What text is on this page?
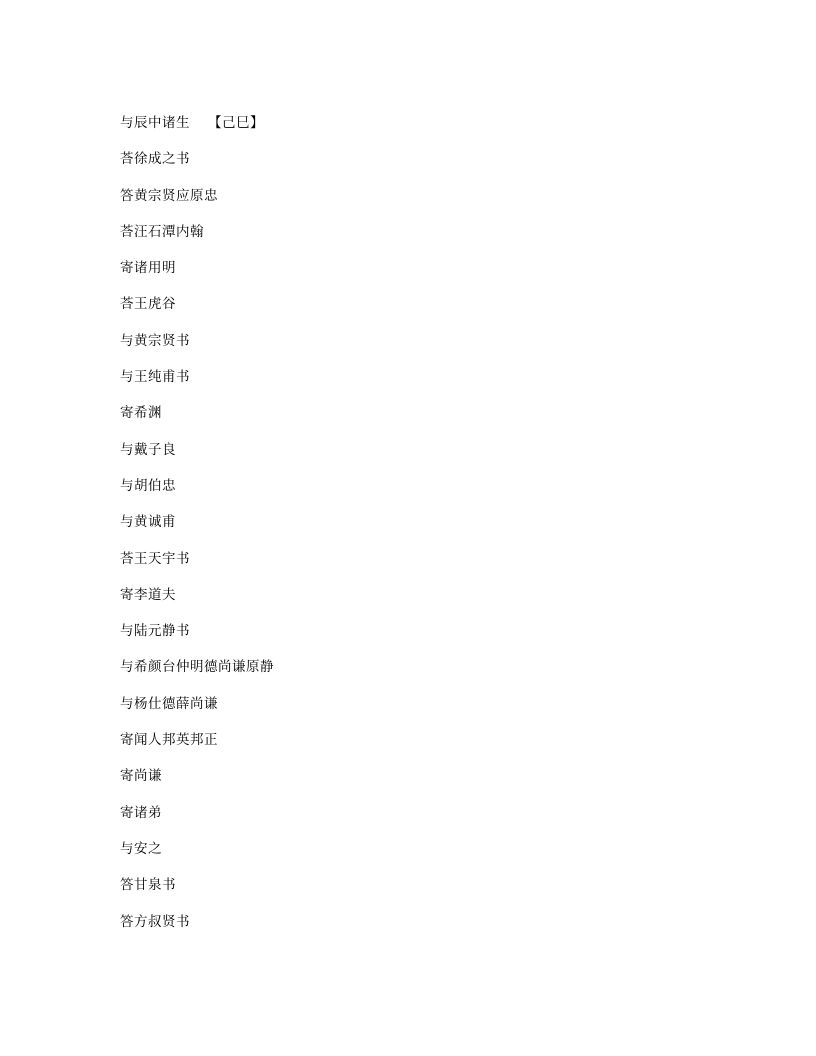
与辰中诸生 【己巳】
荅徐成之书
答黄宗贤应原忠
荅汪石潭内翰
寄诸用明
荅王虎谷
与黄宗贤书
与王纯甫书
寄希渊
与戴子良
与胡伯忠
与黄诚甫
荅王天宇书
寄李道夫
与陆元静书
与希颜台仲明德尚谦原静
与杨仕德薛尚谦
寄闻人邦英邦正
寄尚谦
寄诸弟
与安之
答甘泉书
答方叔贤书
